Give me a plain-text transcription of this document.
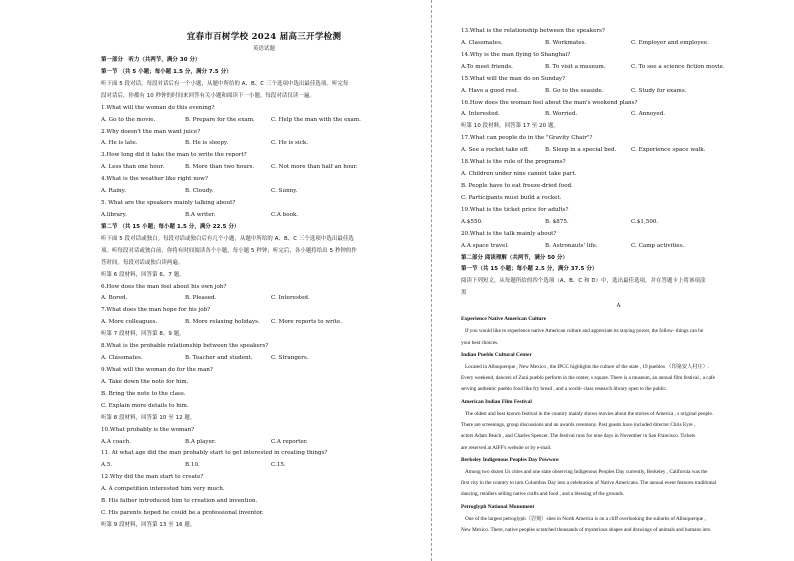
宜春市百树学校 2024 届高三开学检测
英语试题
第一部分　听力（共两节，满分 30 分）
第一节 （共 5 小题；每小题 1.5 分，满分 7.5 分）
听下面 5 段对话。每段对话后有一个小题，从题中所给的 A、B、C 三个选项中选出最佳选项。听完每
段对话后，你都有 10 秒钟的时间来回答有关小题和阅读下一小题。每段对话仅读一遍。
1.What will the woman do this evening?
A. Go to the movie.	B. Prepare for the exam.	C. Help the man with the exam.
2.Why doesn't the man want juice?
A. He is late.	B. He is sleepy.	C. He is sick.
3.How long did it take the man to write the report?
A. Less than one hour.	B. More than two hours.	C. Not more than half an hour.
4.What is the weather like right now?
A. Rainy.	B. Cloudy.	C. Sunny.
5. What are the speakers mainly talking about?
A.library.	B.A writer.	C.A book.
第二节 （共 15 小题；每小题 1.5 分，满分 22.5 分）
听下面 5 段对话或独白。每段对话或独白后有几个小题，从题中所给的 A、B、C 三个选项中选出最佳选
项。听每段对话或独白前，你将有时间阅读各个小题，每小题 5 秒钟；听完后，各小题将给出 5 秒钟的作
答时间。每段对话或独白读两遍。
听第 6 段材料，回答第 6、7 题。
6.How does the man feel about his own job?
A. Bored.	B. Pleased.	C. Interested.
7.What does the man hope for his job?
A. More colleagues.	B. More relaxing holidays.	C. More reports to write.
听第 7 段材料，回答第 8、9 题。
8.What is the probable relationship between the speakers?
A. Classmates.	B. Teacher and student.	C. Strangers.
9.What will the woman do for the man?
A. Take down the note for him.
B. Bring the note to the class.
C. Explain more details to him.
听第 8 段材料，回答第 10 至 12 题。
10.What probably is the woman?
A.A coach.	B.A player.	C.A reporter.
11. At what age did the man probably start to get interested in creating things?
A.5.	B.10.	C.15.
12.Why did the man start to create?
A. A competition interested him very much.
B. His father introduced him to creation and invention.
C. His parents hoped he could be a professional inventor.
听第 9 段材料，回答第 13 至 16 题。
13.What is the relationship between the speakers?
A. Classmates.	B. Workmates.	C. Employer and employee.
14.Why is the man flying to Shanghai?
A.To meet friends.	B. To visit a museum.	C. To see a science fiction movie.
15.What will the man do on Sunday?
A. Have a good rest.	B. Go to the seaside.	C. Study for exams.
16.How does the woman feel about the man's weekend plans?
A. Interested.	B. Worried.	C. Annoyed.
听第 10 段材料，回答第 17 至 20 题。
17.What can people do in the "Gravity Chair"?
A. See a rocket take off.	B. Sleep in a special bed.	C. Experience space walk.
18.What is the rule of the programs?
A. Children under nine cannot take part.
B. People have to eat freeze-dried food.
C. Participants must build a rocket.
19.What is the ticket price for adults?
A.$550.	B. $875.	C.$1,500.
20.What is the talk mainly about?
A.A space travel.	B. Astronauts' life.	C. Camp activities.
第二部分 阅读理解（共两节，满分 50 分）
第一节（共 15 小题；每小题 2.5 分，满分 37.5 分）
阅读下列短文，从每题所给的四个选项（A、B、C 和 D）中，选出最佳选项，并在答题卡上将该项涂
黑
A
Experience Native American Culture
If you would like to experience native American culture and appreciate its staying power, the follow- things can be
your best choices.
Indian Pueblo Cultural Center
Located in Albuquerque , New Mexico , the IPCC highlights the culture of the state , 19 pueblos （印第安人村庄）.
Every weekend, dancers of Zuni pueblo perform in the center, s square. There is a museum, an annual film festival , a cafe
serving authentic pueblo food like fry bread , and a world- class research library open to the public.
American Indian Film Festival
The oldest and best known festival in the country mainly shows movies about the stories of America , s original people.
There are screenings, group discussions and an awards ceremony. Past guests have included director Chris Eyre ,
actors Adam Beach , and Charles Spencer. The festival runs for nine days in November in San Francisco. Tickets
are reserved at AIFF's website or by e-mail.
Berkeley Indigenous Peoples Day Powwow
Among two dozen Us cities and one state observing Indigenous Peoples Day currently, Berkeley , California was the
first city in the country to turn Columbus Day into a celebration of Native Americans. The annual event features traditional
dancing, retailers selling native crafts and food , and a blessing of the grounds.
Petroglyph National Monument
One of the largest petroglyph（岩刻）sites in North America is on a cliff overlooking the suburbs of Albuquerque ,
New Mexico. There, native peoples scratched thousands of mysterious shapes and drawings of animals and humans into
